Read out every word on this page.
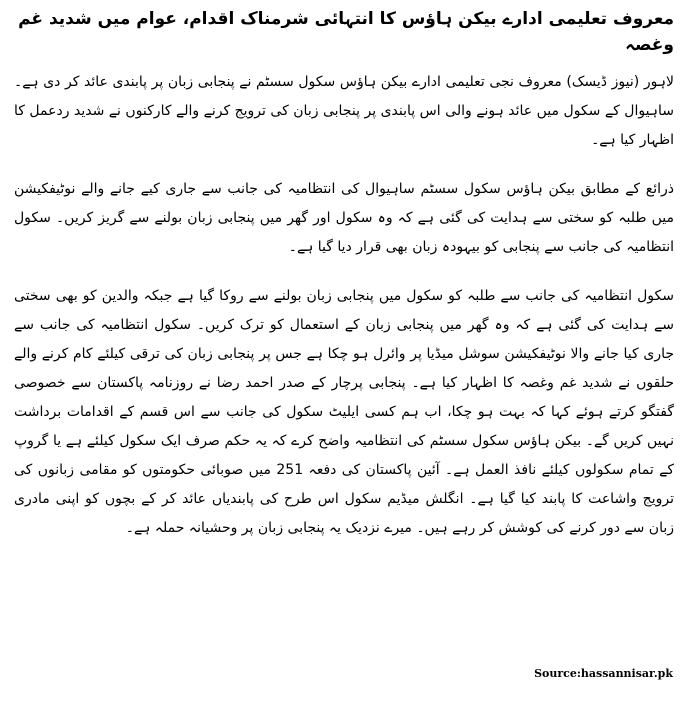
معروف تعلیمی ادارے بیکن ہاؤس کا انتہائی شرمناک اقدام، عوام میں شدید غم وغصہ

لاہور (نیوز ڈیسک) معروف نجی تعلیمی ادارے بیکن ہاؤس سکول سسٹم نے پنجابی زبان پر پابندی عائد کر دی ہے۔ ساہیوال کے سکول میں عائد ہونے والی اس پابندی پر پنجابی زبان کی ترویج کرنے والے کارکنوں نے شدید ردعمل کا اظہار کیا ہے۔

ذرائع کے مطابق بیکن ہاؤس سکول سسٹم ساہیوال کی انتظامیہ کی جانب سے جاری کیے جانے والے نوٹیفکیشن میں طلبہ کو سختی سے ہدایت کی گئی ہے کہ وہ سکول اور گھر میں پنجابی زبان بولنے سے گریز کریں۔ سکول انتظامیہ کی جانب سے پنجابی کو بیہودہ زبان بھی قرار دیا گیا ہے۔

سکول انتظامیہ کی جانب سے طلبہ کو سکول میں پنجابی زبان بولنے سے روکا گیا ہے جبکہ والدین کو بھی سختی سے ہدایت کی گئی ہے کہ وہ گھر میں پنجابی زبان کے استعمال کو ترک کریں۔ سکول انتظامیہ کی جانب سے جاری کیا جانے والا نوٹیفکیشن سوشل میڈیا پر وائرل ہو چکا ہے جس پر پنجابی زبان کی ترقی کیلئے کام کرنے والے حلقوں نے شدید غم وغصہ کا اظہار کیا ہے۔ پنجابی پرچار کے صدر احمد رضا نے روزنامہ پاکستان سے خصوصی گفتگو کرتے ہوئے کہا کہ بہت ہو چکا، اب ہم کسی ایلیٹ سکول کی جانب سے اس قسم کے اقدامات برداشت نہیں کریں گے۔ بیکن ہاؤس سکول سسٹم کی انتظامیہ واضح کرے کہ یہ حکم صرف ایک سکول کیلئے ہے یا گروپ کے تمام سکولوں کیلئے نافذ العمل ہے۔ آئین پاکستان کی دفعہ 251 میں صوبائی حکومتوں کو مقامی زبانوں کی ترویج واشاعت کا پابند کیا گیا ہے۔ انگلش میڈیم سکول اس طرح کی پابندیاں عائد کر کے بچوں کو اپنی مادری زبان سے دور کرنے کی کوشش کر رہے ہیں۔ میرے نزدیک یہ پنجابی زبان پر وحشیانہ حملہ ہے۔

Source:hassannisar.pk
